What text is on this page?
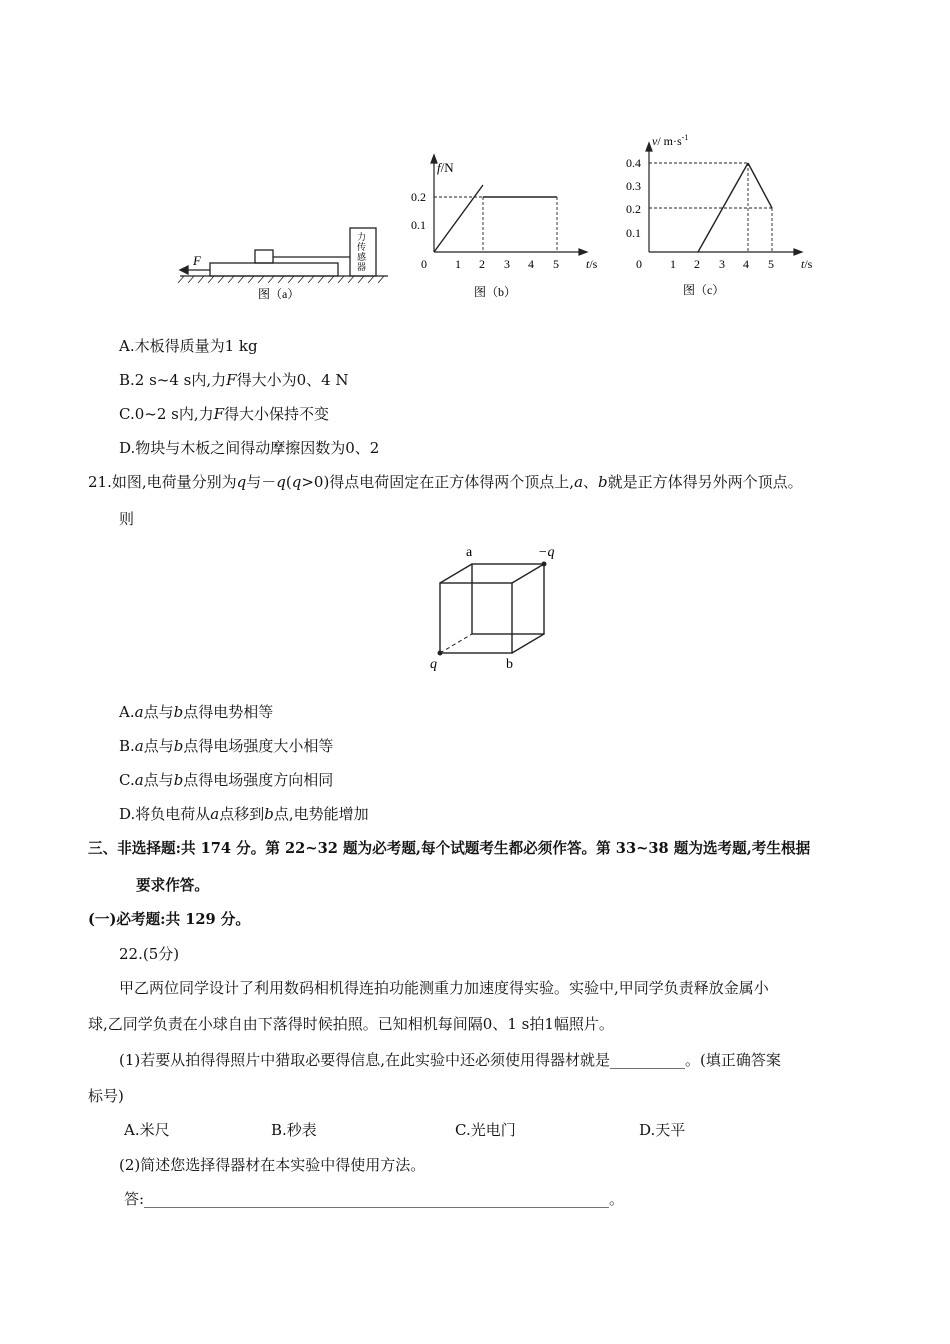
F
力
传
感
器
图（a）
f/N
0.2
0.1
0 1 2 3 4 5 t/s
图（b）
v/ $m\cdot s^{-1}$
0.4
0.3
0.2
0.1
0 1 2 3 4 5 t/s
图（c）
A.木板得质量为1 kg
B.2 s~4 s内,力F得大小为0、4 N
C.0~2 s内,力F得大小保持不变
D.物块与木板之间得动摩擦因数为0、2
21.如图,电荷量分别为q与－q(q>0)得点电荷固定在正方体得两个顶点上,a、b就是正方体得另外两个顶点。
则
a	−q
q	b
A.a点与b点得电势相等
B.a点与b点得电场强度大小相等
C.a点与b点得电场强度方向相同
D.将负电荷从a点移到b点,电势能增加
三、非选择题:共 174 分。第 22~32 题为必考题,每个试题考生都必须作答。第 33~38 题为选考题,考生根据
要求作答。
(一)必考题:共 129 分。
22.(5分)
甲乙两位同学设计了利用数码相机得连拍功能测重力加速度得实验。实验中,甲同学负责释放金属小
球,乙同学负责在小球自由下落得时候拍照。已知相机每间隔0、1 s拍1幅照片。
(1)若要从拍得得照片中猎取必要得信息,在此实验中还必须使用得器材就是__________。(填正确答案
标号)
A.米尺	B.秒表	C.光电门	D.天平
(2)简述您选择得器材在本实验中得使用方法。
答:______________________________________________________________。
